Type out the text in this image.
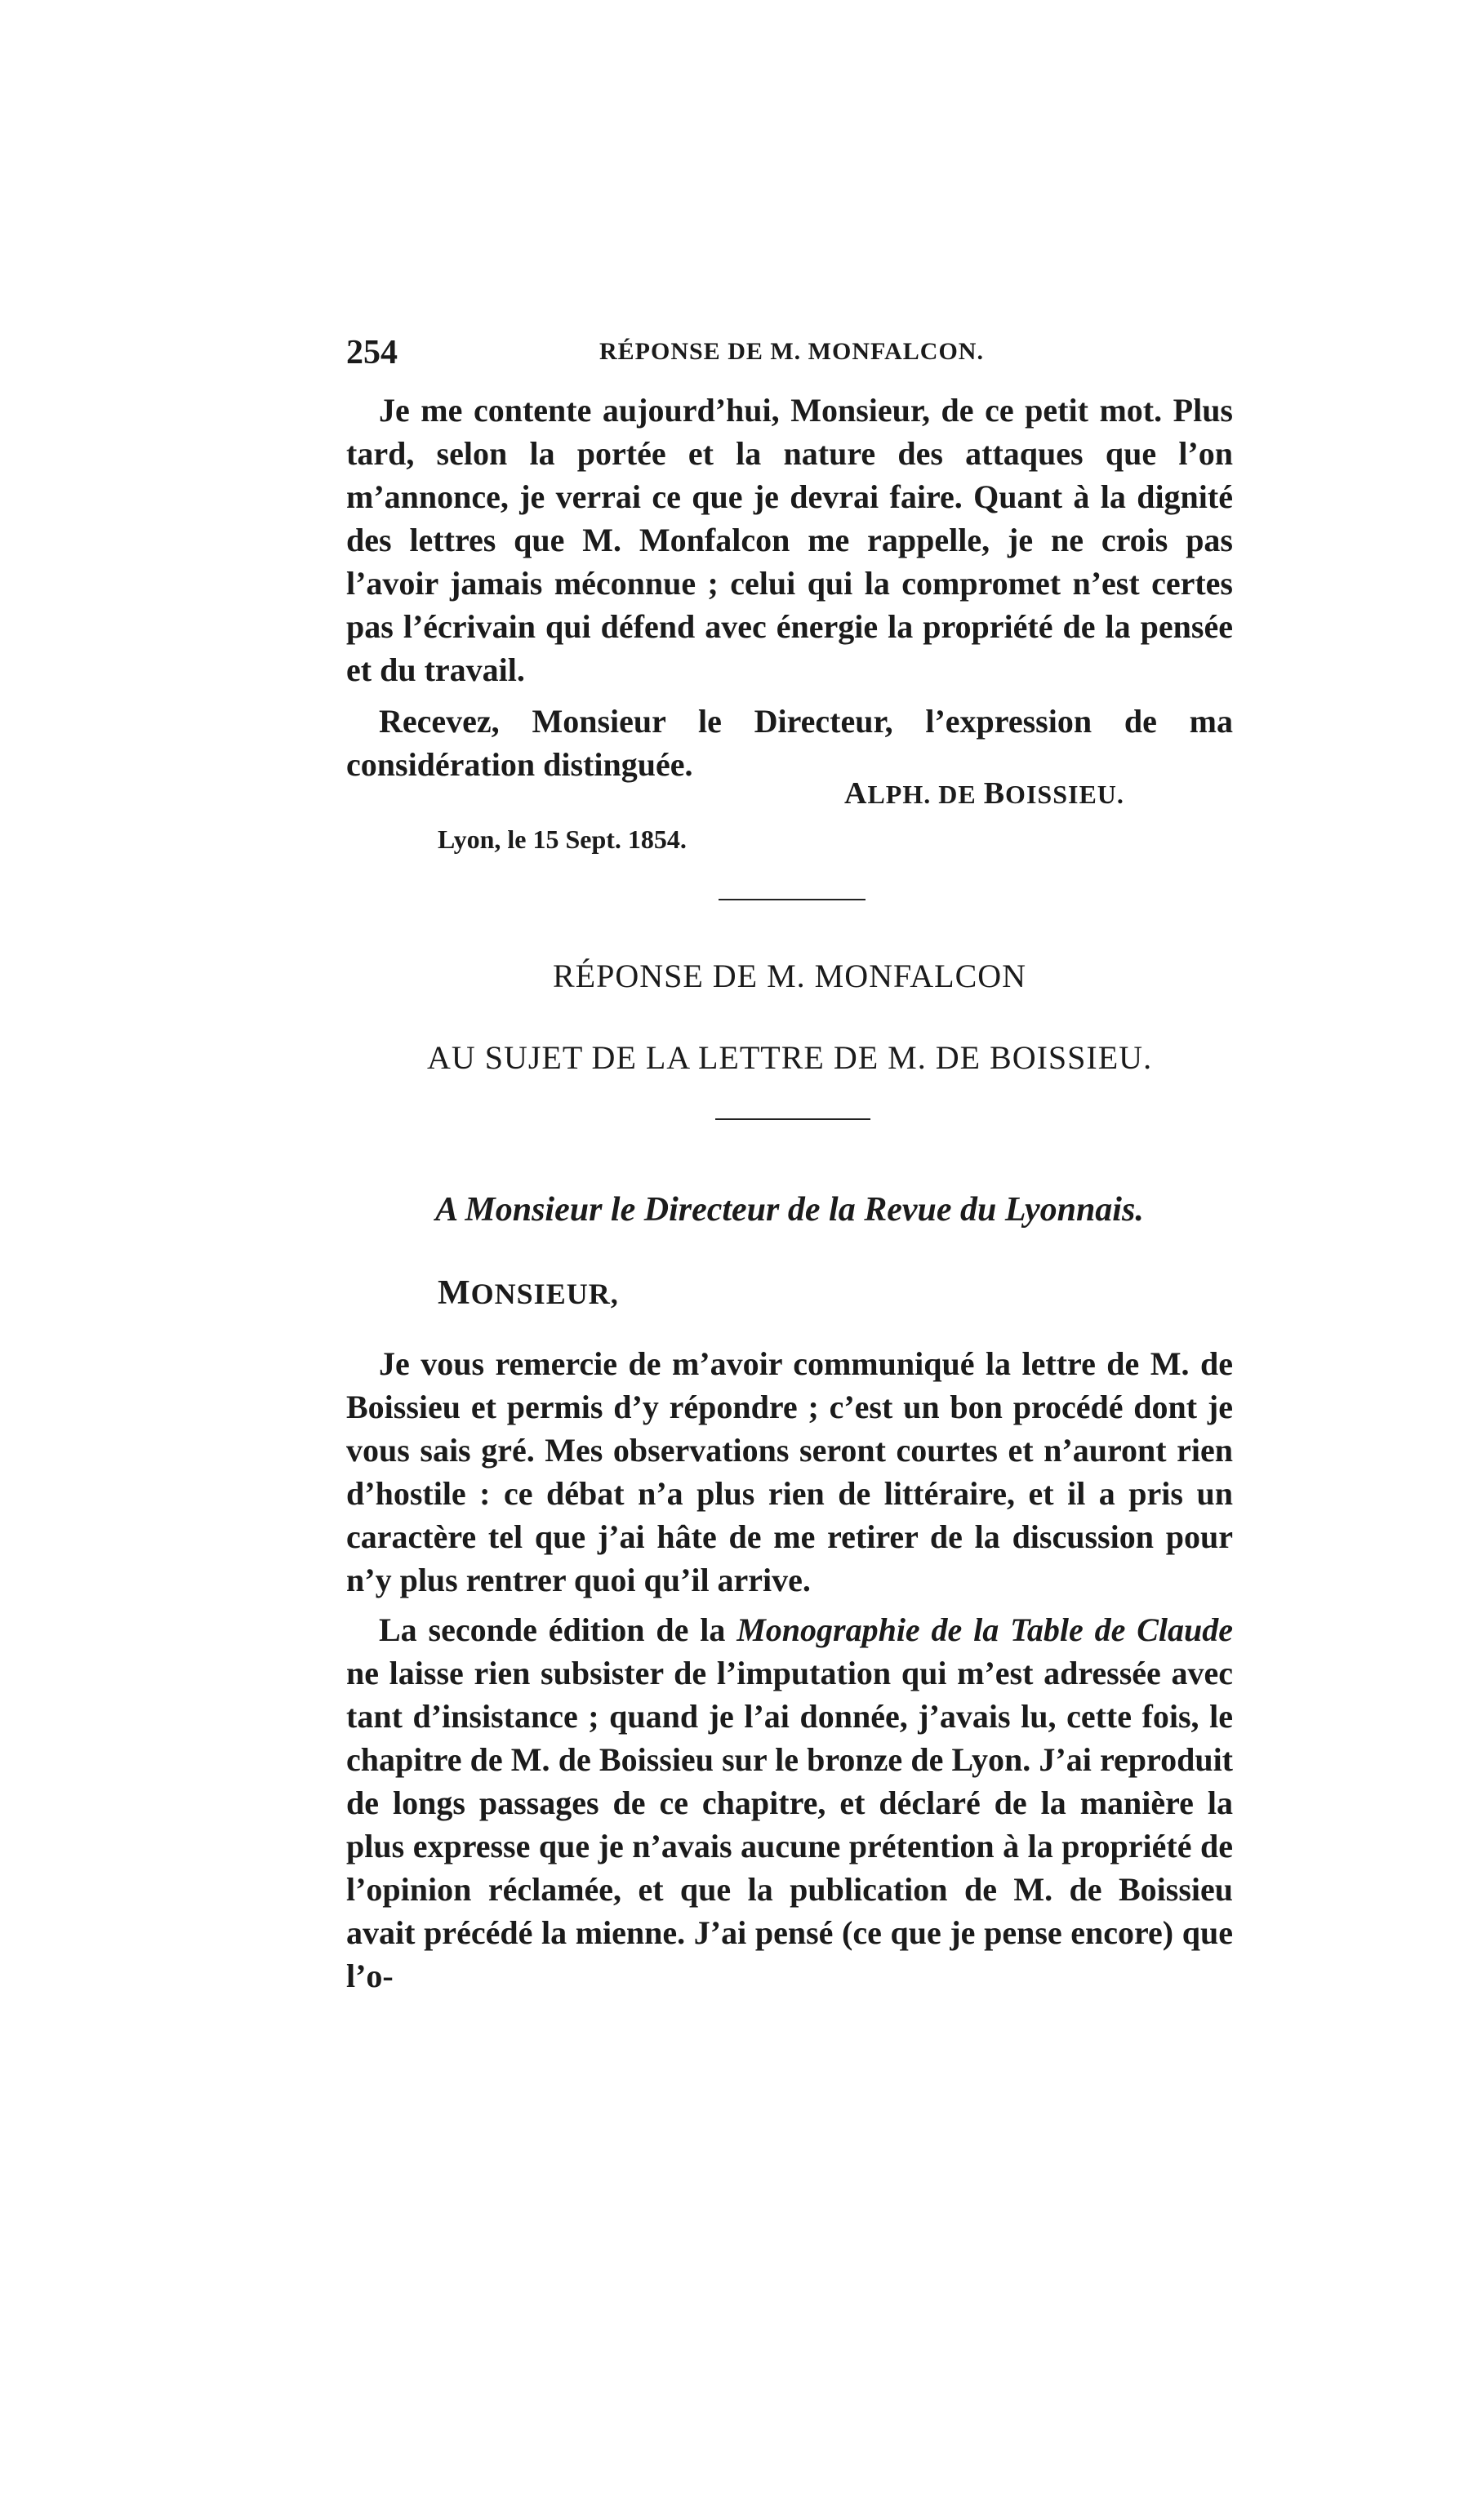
254	RÉPONSE DE M. MONFALCON.

Je me contente aujourd’hui, Monsieur, de ce petit mot. Plus tard, selon la portée et la nature des attaques que l’on m’annonce, je verrai ce que je devrai faire. Quant à la dignité des lettres que M. Monfalcon me rappelle, je ne crois pas l’avoir jamais méconnue ; celui qui la compromet n’est certes pas l’écrivain qui défend avec énergie la propriété de la pensée et du travail.

Recevez, Monsieur le Directeur, l’expression de ma considération distinguée.

ALPH. DE BOISSIEU.
Lyon, le 15 Sept. 1854.
RÉPONSE DE M. MONFALCON
AU SUJET DE LA LETTRE DE M. DE BOISSIEU.
A Monsieur le Directeur de la Revue du Lyonnais.
MONSIEUR,

Je vous remercie de m’avoir communiqué la lettre de M. de Boissieu et permis d’y répondre ; c’est un bon procédé dont je vous sais gré. Mes observations seront courtes et n’auront rien d’hostile : ce débat n’a plus rien de littéraire, et il a pris un caractère tel que j’ai hâte de me retirer de la discussion pour n’y plus rentrer quoi qu’il arrive.

La seconde édition de la Monographie de la Table de Claude ne laisse rien subsister de l’imputation qui m’est adressée avec tant d’insistance ; quand je l’ai donnée, j’avais lu, cette fois, le chapitre de M. de Boissieu sur le bronze de Lyon. J’ai reproduit de longs passages de ce chapitre, et déclaré de la manière la plus expresse que je n’avais aucune prétention à la propriété de l’opinion réclamée, et que la publication de M. de Boissieu avait précédé la mienne. J’ai pensé (ce que je pense encore) que l’o-
